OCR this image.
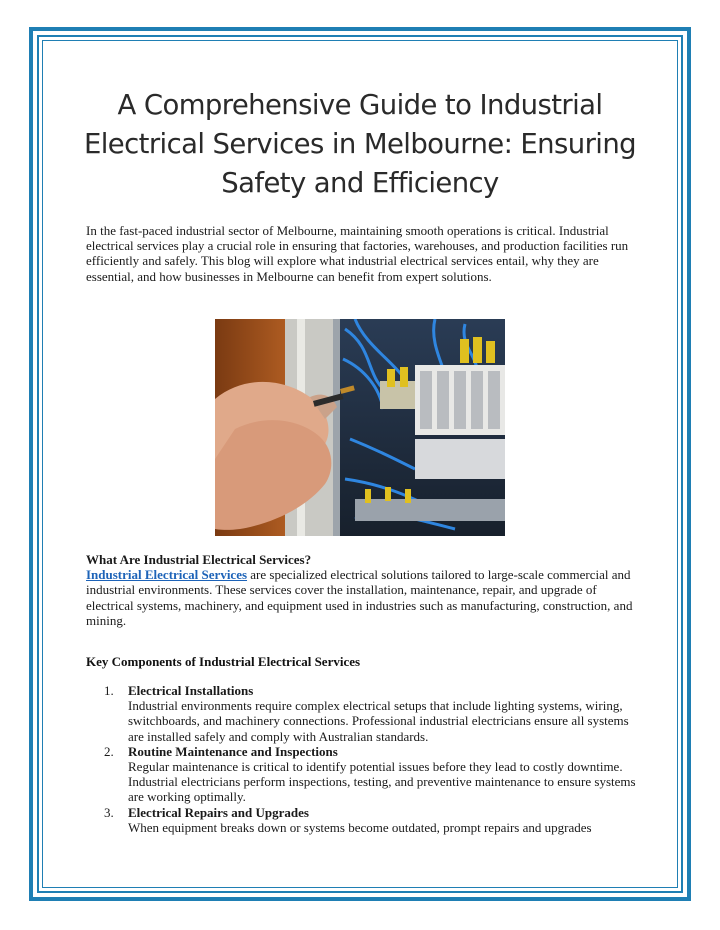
A Comprehensive Guide to Industrial Electrical Services in Melbourne: Ensuring Safety and Efficiency

In the fast-paced industrial sector of Melbourne, maintaining smooth operations is critical. Industrial electrical services play a crucial role in ensuring that factories, warehouses, and production facilities run efficiently and safely. This blog will explore what industrial electrical services entail, why they are essential, and how businesses in Melbourne can benefit from expert solutions.

What Are Industrial Electrical Services?
Industrial Electrical Services are specialized electrical solutions tailored to large-scale commercial and industrial environments. These services cover the installation, maintenance, repair, and upgrade of electrical systems, machinery, and equipment used in industries such as manufacturing, construction, and mining.
Key Components of Industrial Electrical Services
1.	Electrical Installations
Industrial environments require complex electrical setups that include lighting systems, wiring, switchboards, and machinery connections. Professional industrial electricians ensure all systems are installed safely and comply with Australian standards.
2.	Routine Maintenance and Inspections
Regular maintenance is critical to identify potential issues before they lead to costly downtime. Industrial electricians perform inspections, testing, and preventive maintenance to ensure systems are working optimally.
3.	Electrical Repairs and Upgrades
When equipment breaks down or systems become outdated, prompt repairs and upgrades
